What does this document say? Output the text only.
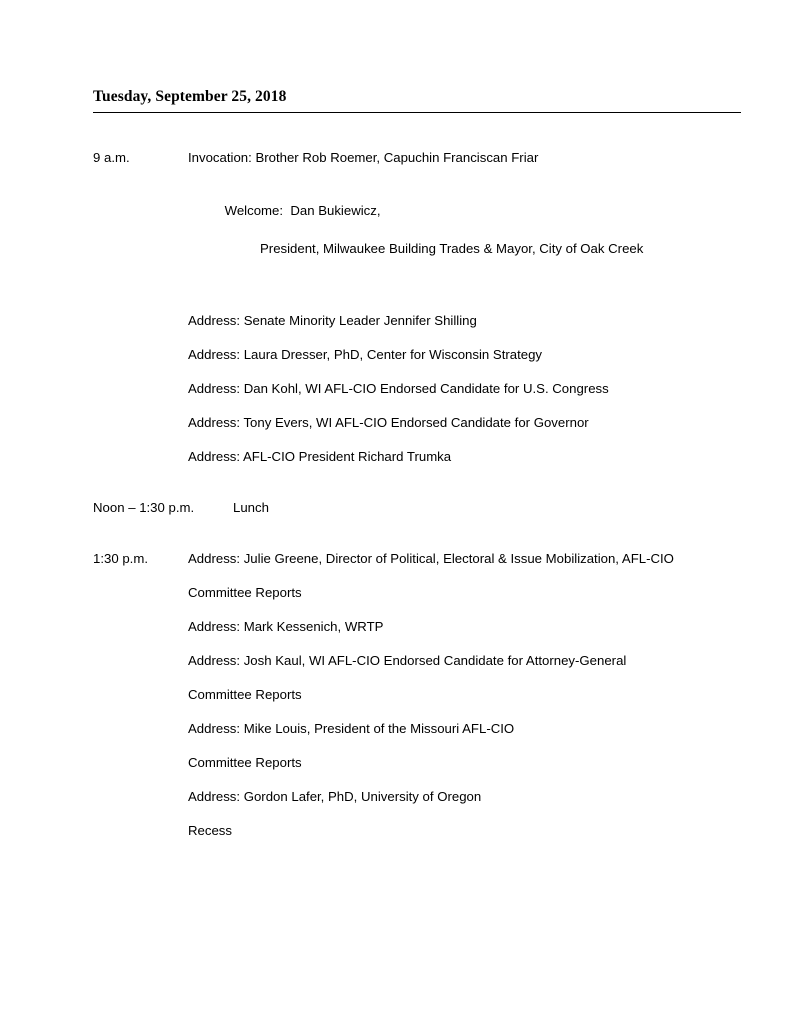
Tuesday, September 25, 2018
9 a.m.	Invocation: Brother Rob Roemer, Capuchin Franciscan Friar

Welcome:  Dan Bukiewicz,

President, Milwaukee Building Trades & Mayor, City of Oak Creek

Address: Senate Minority Leader Jennifer Shilling
Address: Laura Dresser, PhD, Center for Wisconsin Strategy
Address: Dan Kohl, WI AFL-CIO Endorsed Candidate for U.S. Congress
Address: Tony Evers, WI AFL-CIO Endorsed Candidate for Governor
Address: AFL-CIO President Richard Trumka
Noon – 1:30 p.m.	Lunch
1:30 p.m.	Address: Julie Greene, Director of Political, Electoral & Issue Mobilization, AFL-CIO
Committee Reports
Address: Mark Kessenich, WRTP
Address: Josh Kaul, WI AFL-CIO Endorsed Candidate for Attorney-General
Committee Reports
Address: Mike Louis, President of the Missouri AFL-CIO
Committee Reports
Address: Gordon Lafer, PhD, University of Oregon
Recess
